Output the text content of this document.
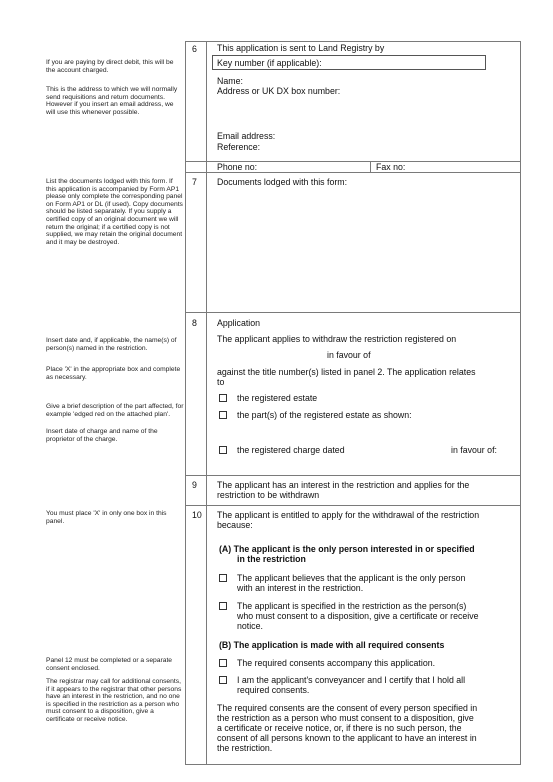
If you are paying by direct debit, this will be the account charged.
This is the address to which we will normally send requisitions and return documents. However if you insert an email address, we will use this whenever possible.
List the documents lodged with this form. If this application is accompanied by Form AP1 please only complete the corresponding panel on Form AP1 or DL (if used). Copy documents should be listed separately. If you supply a certified copy of an original document we will return the original; if a certified copy is not supplied, we may retain the original document and it may be destroyed.
Insert date and, if applicable, the name(s) of person(s) named in the restriction.
Place 'X' in the appropriate box and complete as necessary.
Give a brief description of the part affected, for example 'edged red on the attached plan'.
Insert date of charge and name of the proprietor of the charge.
You must place 'X' in only one box in this panel.
Panel 12 must be completed or a separate consent enclosed.
The registrar may call for additional consents, if it appears to the registrar that other persons have an interest in the restriction, and no one is specified in the restriction as a person who must consent to a disposition, give a certificate or receive notice.
6 This application is sent to Land Registry by
Key number (if applicable):
Name:
Address or UK DX box number:
Email address:
Reference:
Phone no:	Fax no:
7 Documents lodged with this form:
8 Application
The applicant applies to withdraw the restriction registered on
in favour of
against the title number(s) listed in panel 2. The application relates
to
the registered estate
the part(s) of the registered estate as shown:
the registered charge dated	in favour of:
9 The applicant has an interest in the restriction and applies for the
restriction to be withdrawn
10 The applicant is entitled to apply for the withdrawal of the restriction
because:
(A) The applicant is the only person interested in or specified
in the restriction
The applicant believes that the applicant is the only person
with an interest in the restriction.
The applicant is specified in the restriction as the person(s)
who must consent to a disposition, give a certificate or receive
notice.
(B) The application is made with all required consents
The required consents accompany this application.
I am the applicant's conveyancer and I certify that I hold all
required consents.
The required consents are the consent of every person specified in
the restriction as a person who must consent to a disposition, give
a certificate or receive notice, or, if there is no such person, the
consent of all persons known to the applicant to have an interest in
the restriction.
